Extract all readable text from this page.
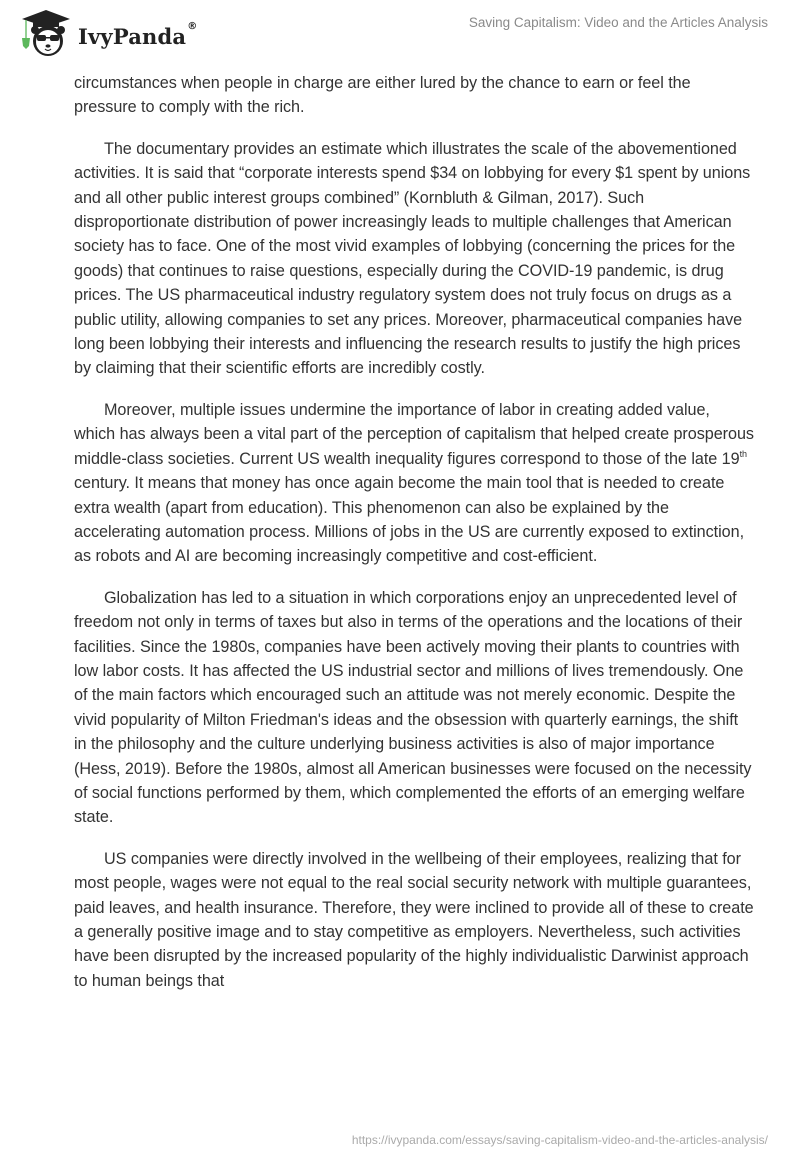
IvyPanda®	Saving Capitalism: Video and the Articles Analysis

circumstances when people in charge are either lured by the chance to earn or feel the pressure to comply with the rich.

The documentary provides an estimate which illustrates the scale of the abovementioned activities. It is said that “corporate interests spend $34 on lobbying for every $1 spent by unions and all other public interest groups combined” (Kornbluth & Gilman, 2017). Such disproportionate distribution of power increasingly leads to multiple challenges that American society has to face. One of the most vivid examples of lobbying (concerning the prices for the goods) that continues to raise questions, especially during the COVID-19 pandemic, is drug prices. The US pharmaceutical industry regulatory system does not truly focus on drugs as a public utility, allowing companies to set any prices. Moreover, pharmaceutical companies have long been lobbying their interests and influencing the research results to justify the high prices by claiming that their scientific efforts are incredibly costly.

Moreover, multiple issues undermine the importance of labor in creating added value, which has always been a vital part of the perception of capitalism that helped create prosperous middle-class societies. Current US wealth inequality figures correspond to those of the late 19th century. It means that money has once again become the main tool that is needed to create extra wealth (apart from education). This phenomenon can also be explained by the accelerating automation process. Millions of jobs in the US are currently exposed to extinction, as robots and AI are becoming increasingly competitive and cost-efficient.

Globalization has led to a situation in which corporations enjoy an unprecedented level of freedom not only in terms of taxes but also in terms of the operations and the locations of their facilities. Since the 1980s, companies have been actively moving their plants to countries with low labor costs. It has affected the US industrial sector and millions of lives tremendously. One of the main factors which encouraged such an attitude was not merely economic. Despite the vivid popularity of Milton Friedman's ideas and the obsession with quarterly earnings, the shift in the philosophy and the culture underlying business activities is also of major importance (Hess, 2019). Before the 1980s, almost all American businesses were focused on the necessity of social functions performed by them, which complemented the efforts of an emerging welfare state.

US companies were directly involved in the wellbeing of their employees, realizing that for most people, wages were not equal to the real social security network with multiple guarantees, paid leaves, and health insurance. Therefore, they were inclined to provide all of these to create a generally positive image and to stay competitive as employers. Nevertheless, such activities have been disrupted by the increased popularity of the highly individualistic Darwinist approach to human beings that

https://ivypanda.com/essays/saving-capitalism-video-and-the-articles-analysis/
